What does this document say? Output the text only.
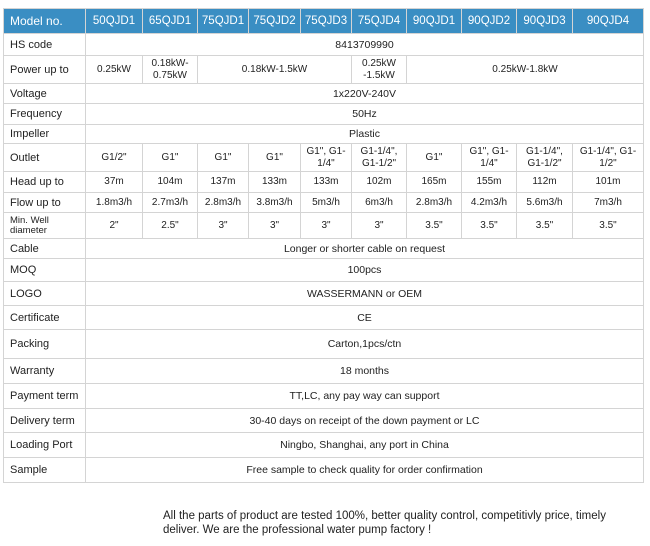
Model no.	50QJD1	65QJD1	75QJD1	75QJD2	75QJD3	75QJD4	90QJD1	90QJD2	90QJD3	90QJD4
HS code	8413709990									
Power up to	0.25kW	0.18kW-0.75kW	0.18kW-1.5kW			0.25kW -1.5kW	0.25kW-1.8kW			
Voltage	1x220V-240V									
Frequency	50Hz									
Impeller	Plastic									
Outlet	G1/2"	G1"	G1"	G1"	G1", G1-1/4"	G1-1/4", G1-1/2"	G1"	G1", G1-1/4"	G1-1/4", G1-1/2"	G1-1/4", G1-1/2"
Head up to	37m	104m	137m	133m	133m	102m	165m	155m	112m	101m
Flow up to	1.8m3/h	2.7m3/h	2.8m3/h	3.8m3/h	5m3/h	6m3/h	2.8m3/h	4.2m3/h	5.6m3/h	7m3/h
Min. Well diameter	2"	2.5"	3"	3"	3"	3"	3.5"	3.5"	3.5"	3.5"
Cable	Longer or shorter cable on request									
MOQ	100pcs									
LOGO	WASSERMANN or OEM									
Certificate	CE									
Packing	Carton,1pcs/ctn									
Warranty	18 months									
Payment term	TT,LC, any pay way can support									
Delivery term	30-40 days on receipt of the down payment or LC									
Loading Port	Ningbo, Shanghai, any port in China									
Sample	Free sample to check quality for order confirmation									
All the parts of product are tested 100%, better quality control, competitivly price, timely deliver. We are the professional water pump factory !
